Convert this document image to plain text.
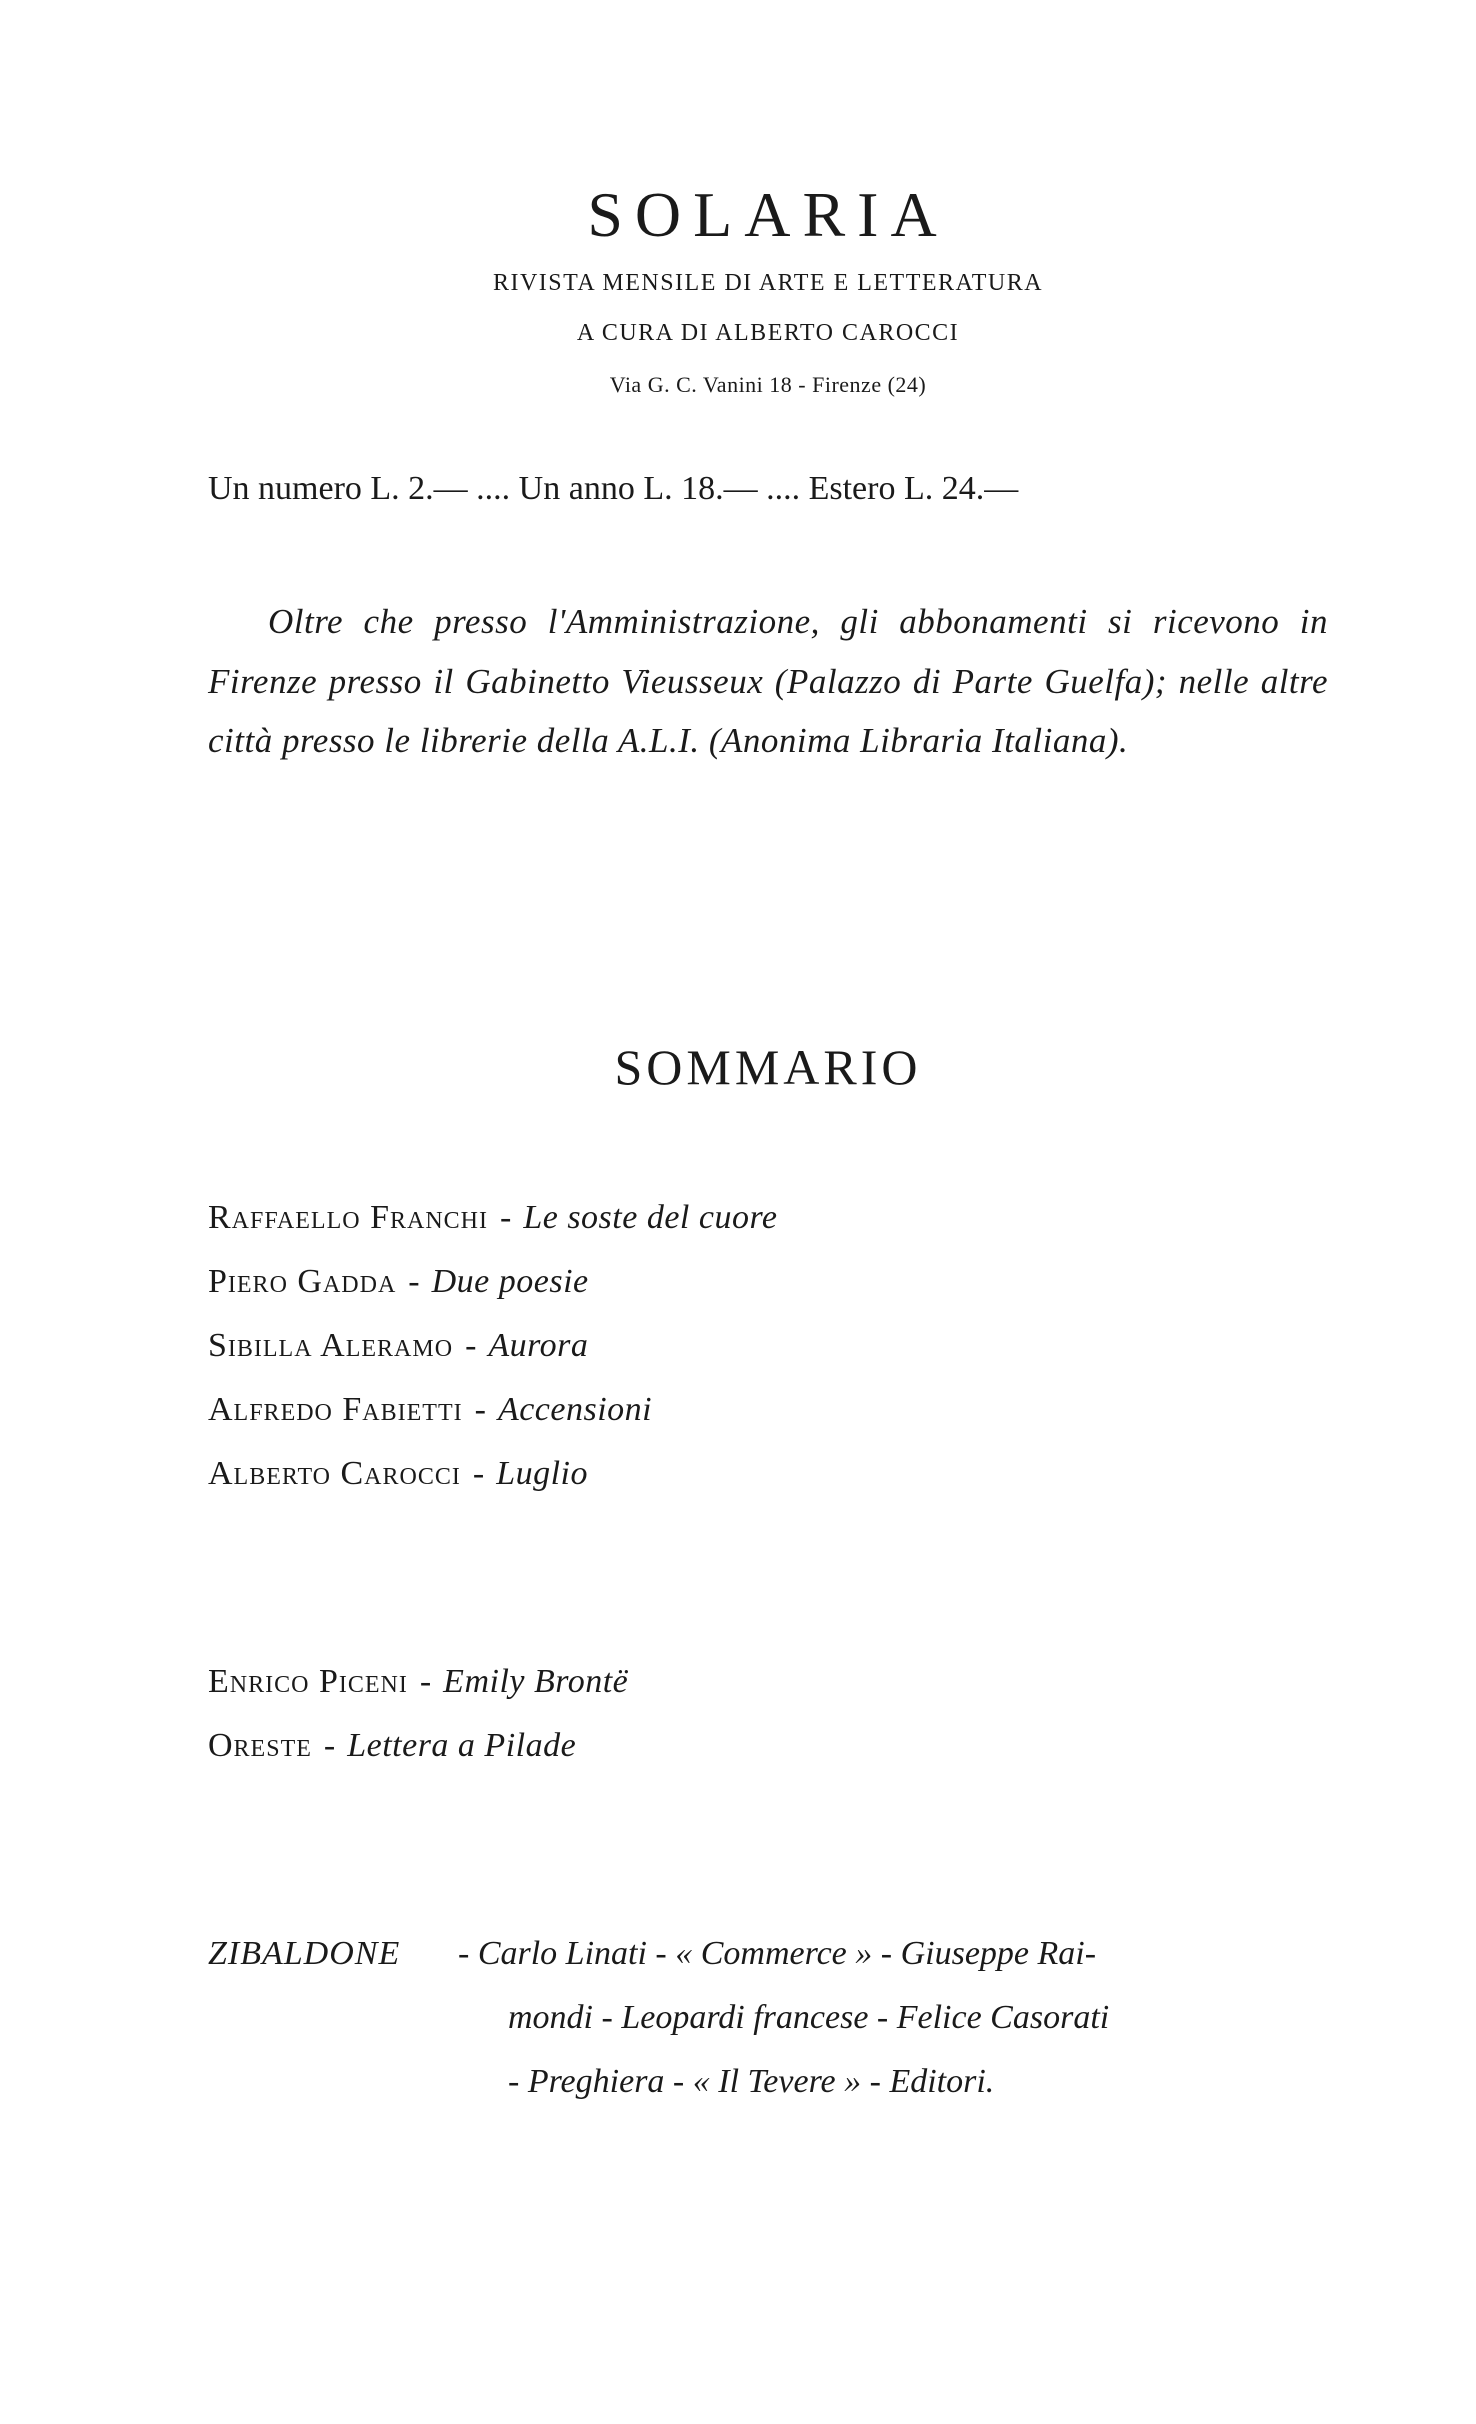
SOLARIA
RIVISTA MENSILE DI ARTE E LETTERATURA
A CURA DI ALBERTO CAROCCI
Via G. C. Vanini 18 - Firenze (24)
Un numero L. 2.— .... Un anno L. 18.— .... Estero L. 24.—

Oltre che presso l'Amministrazione, gli abbonamenti si ricevono in Firenze presso il Gabinetto Vieusseux (Palazzo di Parte Guelfa); nelle altre città presso le librerie della A.L.I. (Anonima Libraria Italiana).

SOMMARIO
Raffaello Franchi - Le soste del cuore
Piero Gadda - Due poesie
Sibilla Aleramo - Aurora
Alfredo Fabietti - Accensioni
Alberto Carocci - Luglio
Enrico Piceni - Emily Brontë
Oreste - Lettera a Pilade
ZIBALDONE - Carlo Linati - « Commerce » - Giuseppe Rai-
mondi - Leopardi francese - Felice Casorati
- Preghiera - « Il Tevere » - Editori.
